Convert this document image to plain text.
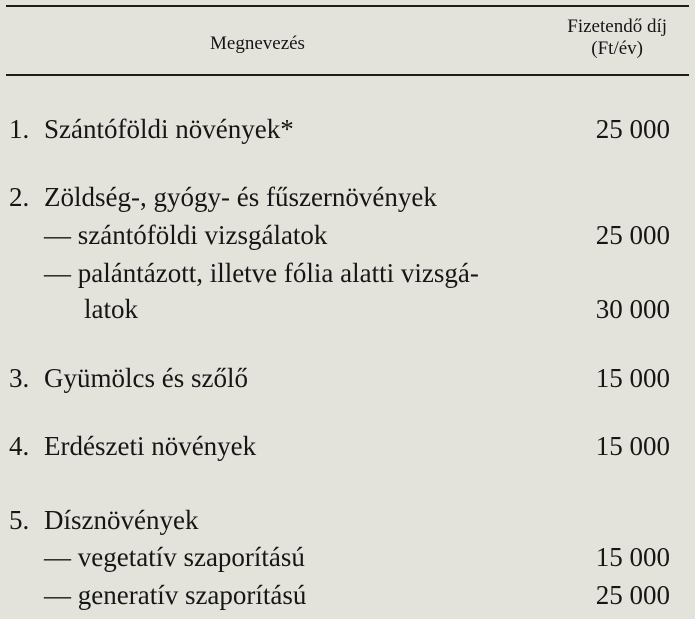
Megnevezés
Fizetendő díj
(Ft/év)
1. Szántóföldi növények*	25 000
2. Zöldség-, gyógy- és fűszernövények
— szántóföldi vizsgálatok	25 000
— palántázott, illetve fólia alatti vizsgá-
latok	30 000
3. Gyümölcs és szőlő	15 000
4. Erdészeti növények	15 000
5. Dísznövények
— vegetatív szaporítású	15 000
— generatív szaporítású	25 000
